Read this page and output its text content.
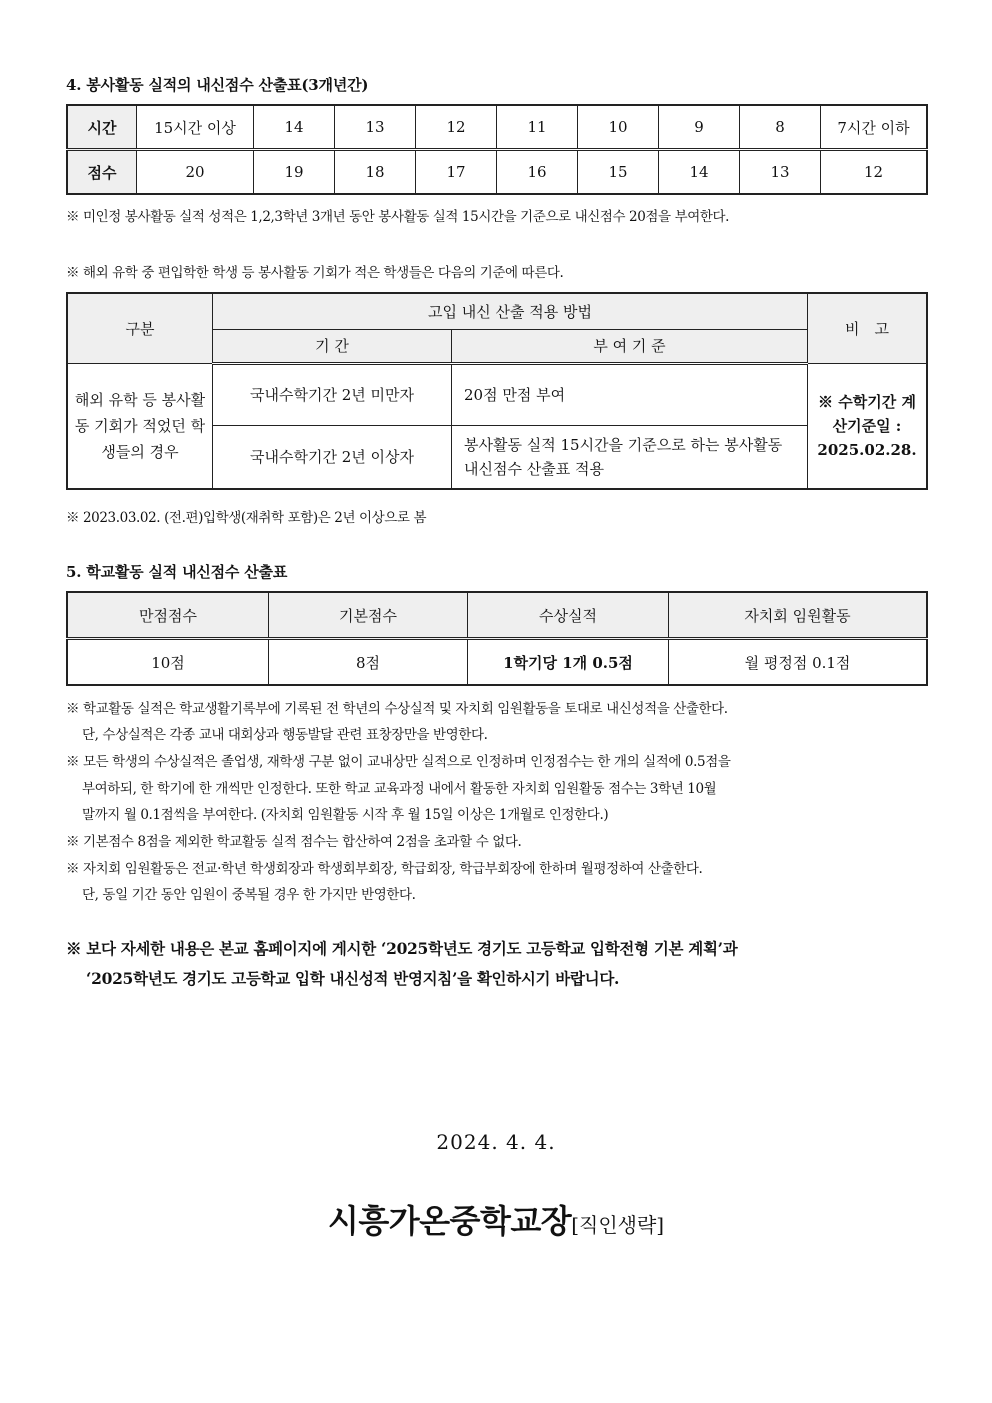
4. 봉사활동 실적의 내신점수 산출표(3개년간)
시간	15시간 이상	14	13	12	11	10	9	8	7시간 이하
점수	20	19	18	17	16	15	14	13	12
※ 미인정 봉사활동 실적 성적은 1,2,3학년 3개년 동안 봉사활동 실적 15시간을 기준으로 내신점수 20점을 부여한다.
※ 해외 유학 중 편입학한 학생 등 봉사활동 기회가 적은 학생들은 다음의 기준에 따른다.
구분	고입 내신 산출 적용 방법		비　고
	기 간	부 여 기 준	
해외 유학 등 봉사활동 기회가 적었던 학생들의 경우	국내수학기간 2년 미만자	20점 만점 부여	※ 수학기간 계산기준일 : 2025.02.28.
	국내수학기간 2년 이상자	봉사활동 실적 15시간을 기준으로 하는 봉사활동 내신점수 산출표 적용	
※ 2023.03.02. (전.편)입학생(재취학 포함)은 2년 이상으로 봄
5. 학교활동 실적 내신점수 산출표
만점점수	기본점수	수상실적	자치회 임원활동
10점	8점	1학기당 1개 0.5점	월 평정점 0.1점
※ 학교활동 실적은 학교생활기록부에 기록된 전 학년의 수상실적 및 자치회 임원활동을 토대로 내신성적을 산출한다.
단, 수상실적은 각종 교내 대회상과 행동발달 관련 표창장만을 반영한다.
※ 모든 학생의 수상실적은 졸업생, 재학생 구분 없이 교내상만 실적으로 인정하며 인정점수는 한 개의 실적에 0.5점을
부여하되, 한 학기에 한 개씩만 인정한다. 또한 학교 교육과정 내에서 활동한 자치회 임원활동 점수는 3학년 10월
말까지 월 0.1점씩을 부여한다. (자치회 임원활동 시작 후 월 15일 이상은 1개월로 인정한다.)
※ 기본점수 8점을 제외한 학교활동 실적 점수는 합산하여 2점을 초과할 수 없다.
※ 자치회 임원활동은 전교·학년 학생회장과 학생회부회장, 학급회장, 학급부회장에 한하며 월평정하여 산출한다.
단, 동일 기간 동안 임원이 중복될 경우 한 가지만 반영한다.
※ 보다 자세한 내용은 본교 홈페이지에 게시한 ‘2025학년도 경기도 고등학교 입학전형 기본 계획’과
‘2025학년도 경기도 고등학교 입학 내신성적 반영지침’을 확인하시기 바랍니다.
2024. 4. 4.
시흥가온중학교장[직인생략]
